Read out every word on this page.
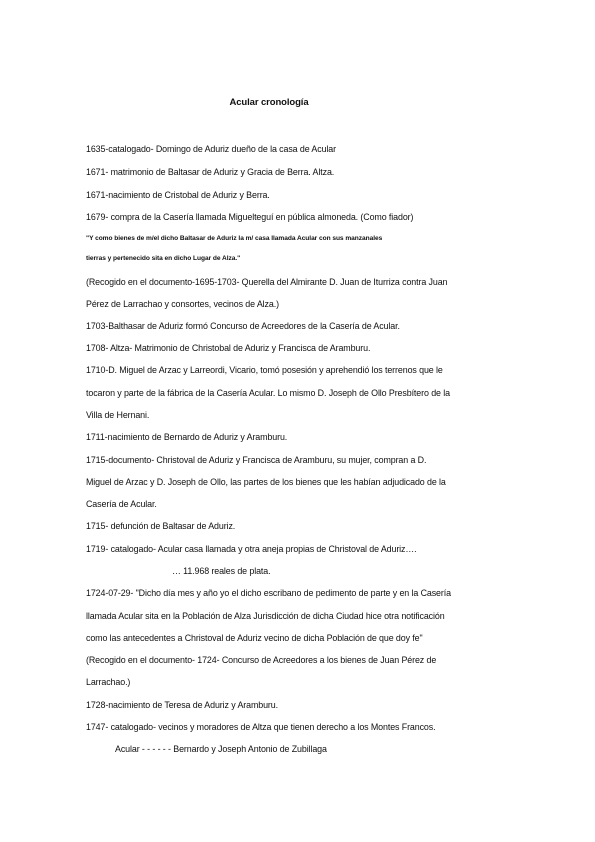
Acular cronología
1635-catalogado- Domingo de Aduriz dueño de la casa de Acular
1671- matrimonio de Baltasar de Aduriz y Gracia de Berra. Altza.
1671-nacimiento de Cristobal de Aduriz y Berra.
1679- compra de la Casería llamada Miguelteguí en pública almoneda. (Como fiador)
"Y como bienes de m/el dicho Baltasar de Aduriz la m/ casa llamada Acular con sus manzanales
tierras y pertenecido sita en dicho Lugar de Alza."
(Recogido en el documento-1695-1703- Querella del Almirante D. Juan de Iturriza contra Juan
Pérez de Larrachao y consortes, vecinos de Alza.)
1703-Balthasar de Aduriz formó Concurso de Acreedores de la Casería de Acular.
1708- Altza- Matrimonio de Christobal de Aduriz y Francisca de Aramburu.
1710-D. Miguel de Arzac y Larreordi, Vicario, tomó posesión y aprehendió los terrenos que le
tocaron y parte de la fábrica de la Casería Acular. Lo mismo D. Joseph de Ollo Presbítero de la
Villa de Hernani.
1711-nacimiento de Bernardo de Aduriz y Aramburu.
1715-documento- Christoval de Aduriz y Francisca de Aramburu, su mujer, compran a D.
Miguel de Arzac y D. Joseph de Ollo, las partes de los bienes que les habían adjudicado de la
Casería de Acular.
1715- defunción de Baltasar de Aduriz.
1719- catalogado- Acular casa llamada y otra aneja propias de Christoval de Aduriz….
… 11.968 reales de plata.
1724-07-29- "Dicho día mes y año yo el dicho escribano de pedimento de parte y en la Casería
llamada Acular sita en la Población de Alza Jurisdicción de dicha Ciudad hice otra notificación
como las antecedentes a Christoval de Aduriz vecino de dicha Población de que doy fe"
(Recogido en el documento- 1724- Concurso de Acreedores a los bienes de Juan Pérez de
Larrachao.)
1728-nacimiento de Teresa de Aduriz y Aramburu.
1747- catalogado- vecinos y moradores de Altza que tienen derecho a los Montes Francos.
Acular - - - - - - Bernardo y Joseph Antonio de Zubillaga
